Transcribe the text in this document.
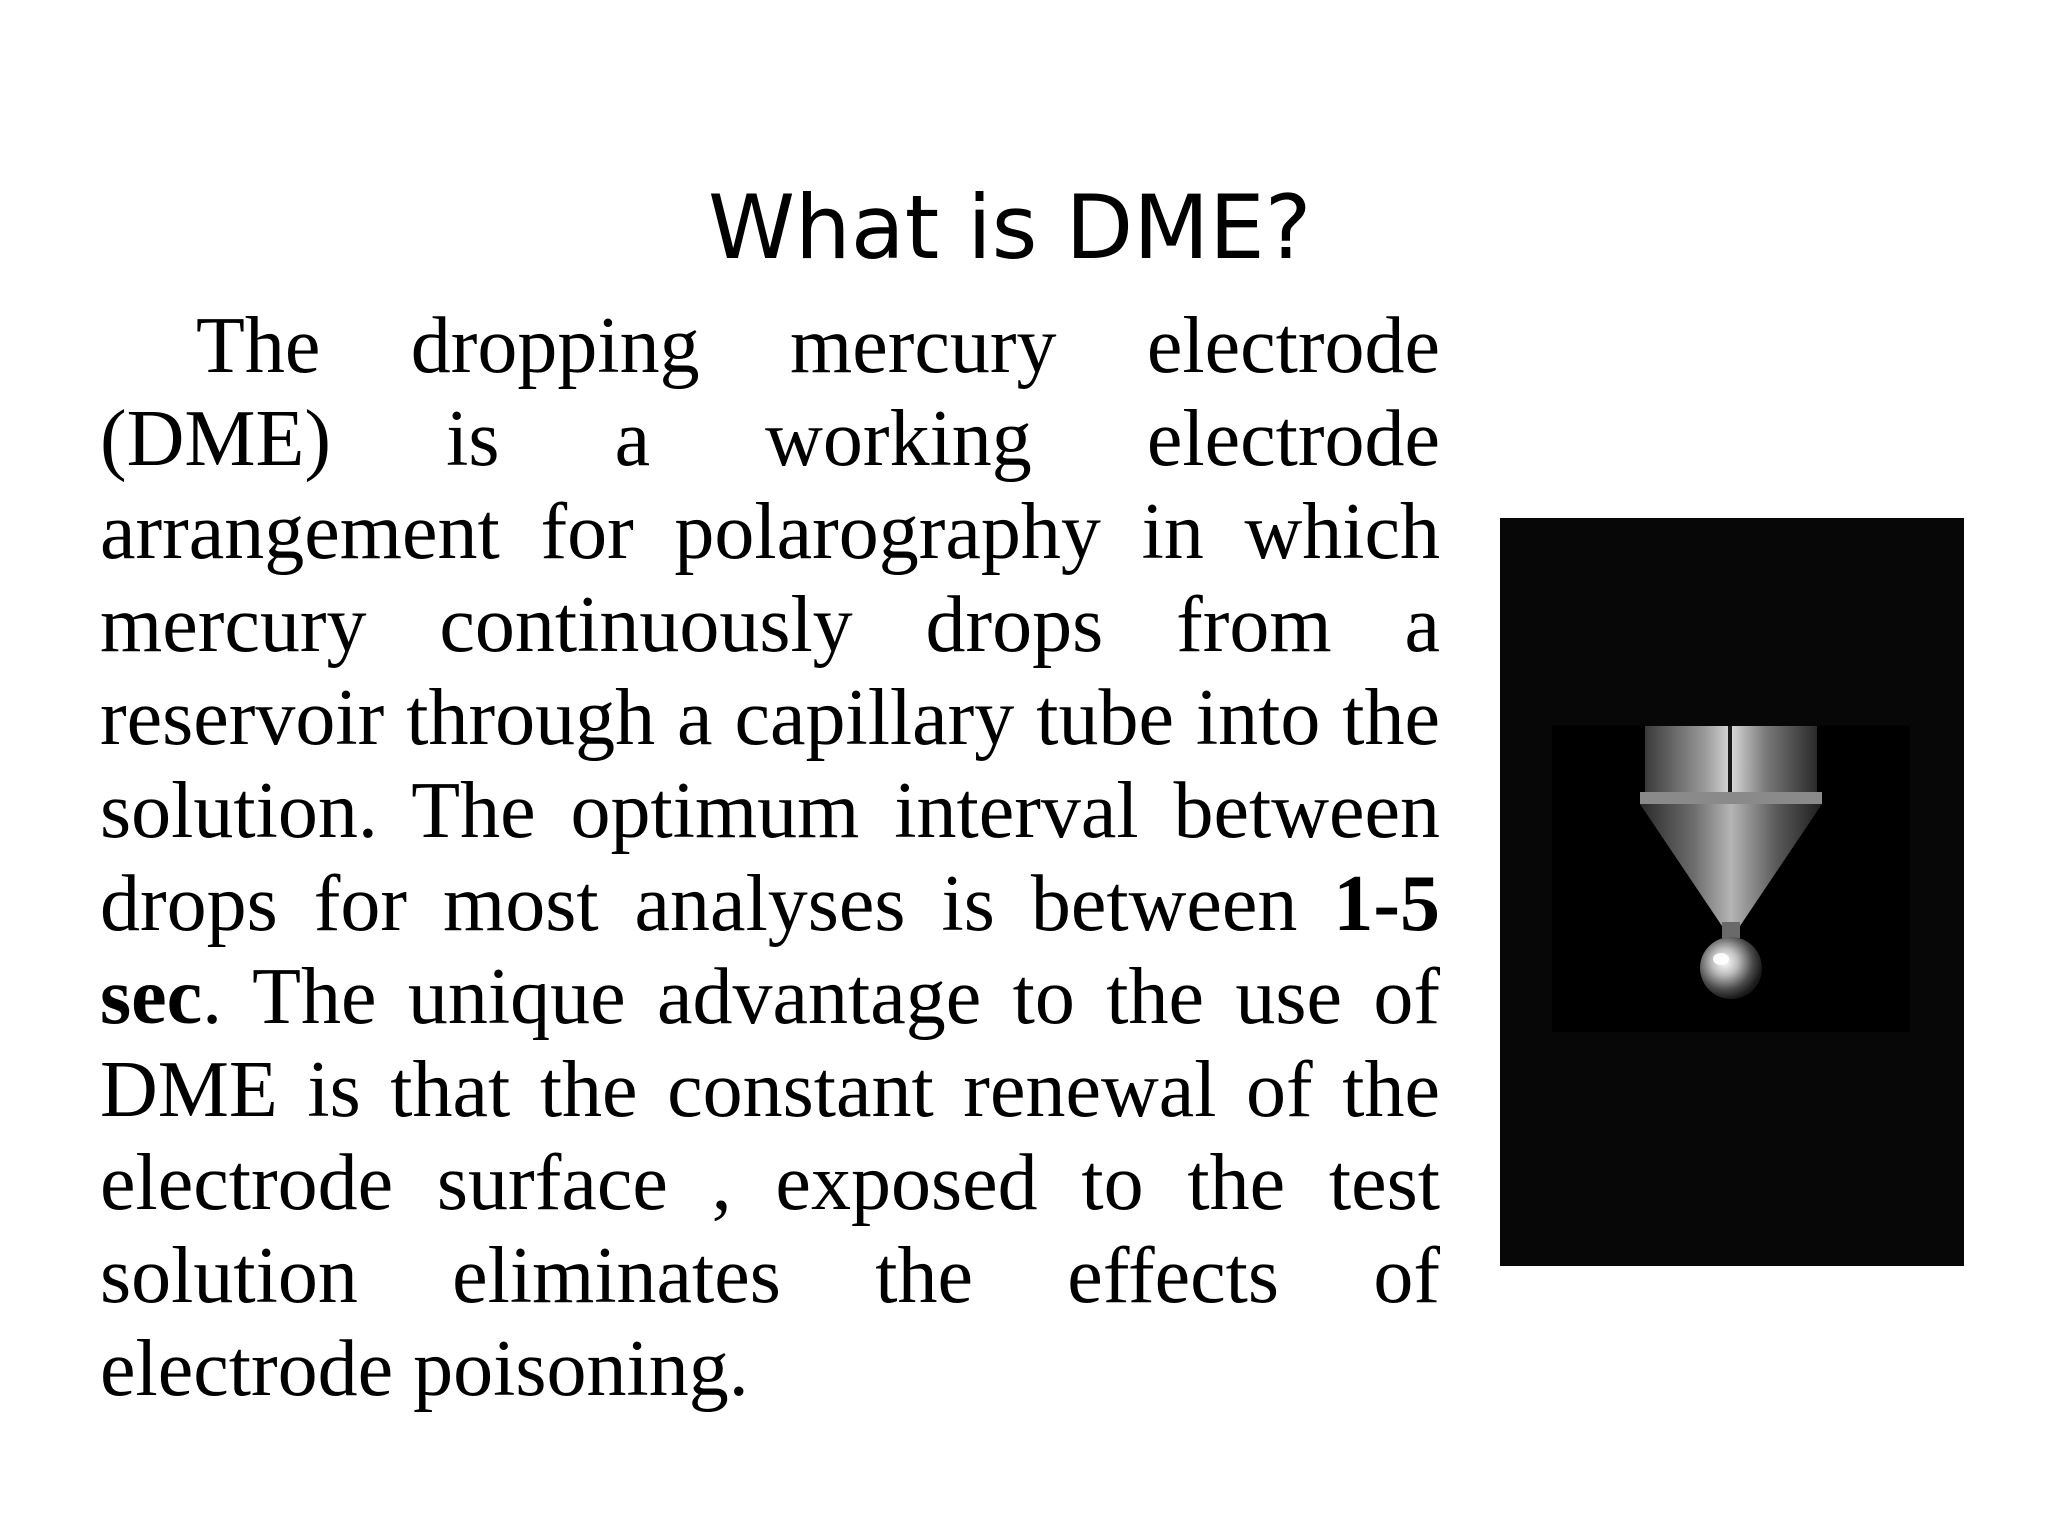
What is DME?

The dropping mercury electrode (DME) is a working electrode arrangement for polarography in which mercury continuously drops from a reservoir through a capillary tube into the solution. The optimum interval between drops for most analyses is between 1-5 sec. The unique advantage to the use of DME is that the constant renewal of the electrode surface , exposed to the test solution eliminates the effects of electrode poisoning.
